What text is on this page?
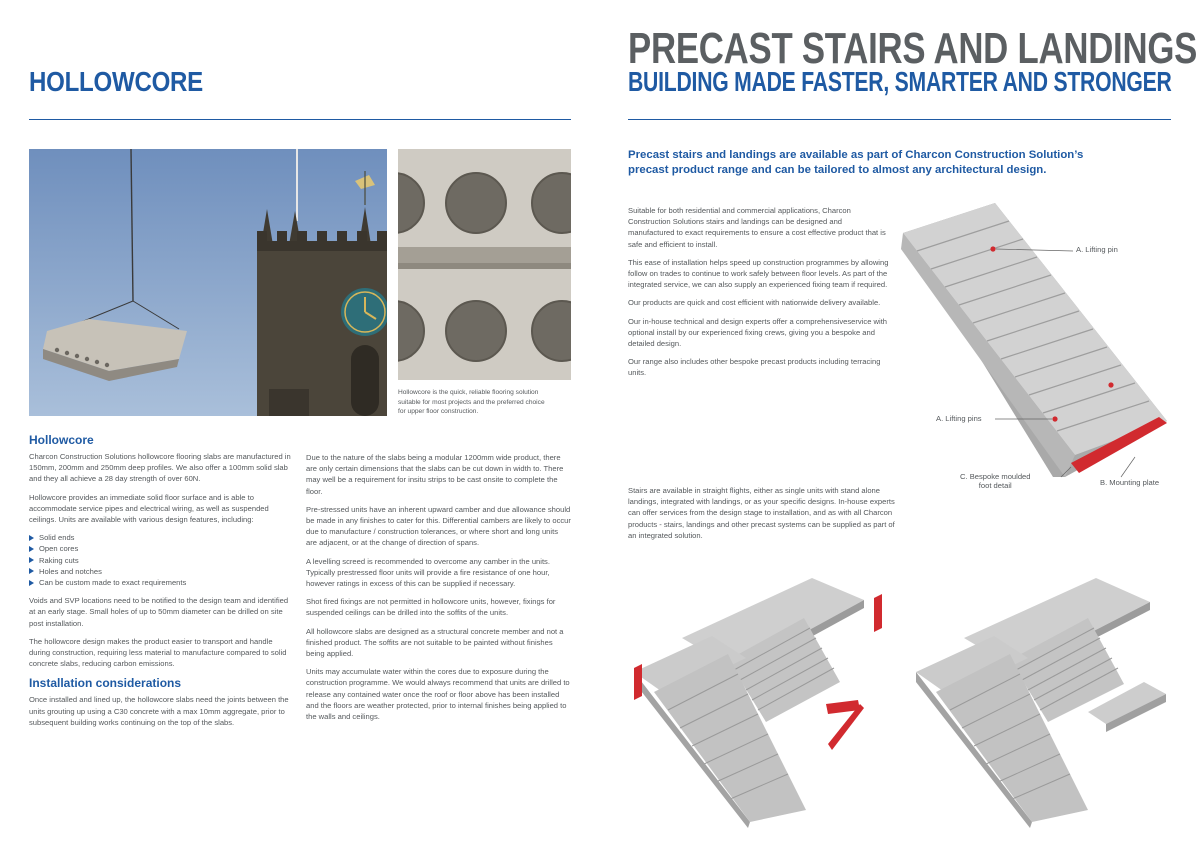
HOLLOWCORE
Hollowcore is the quick, reliable flooring solution
suitable for most projects and the preferred choice
for upper floor construction.
Hollowcore

Charcon Construction Solutions hollowcore flooring slabs are manufactured in 150mm, 200mm and 250mm deep profiles. We also offer a 100mm solid slab and they all achieve a 28 day strength of over 60N.

Hollowcore provides an immediate solid floor surface and is able to accommodate service pipes and electrical wiring, as well as suspended ceilings. Units are available with various design features, including:

Solid ends
Open cores
Raking cuts
Holes and notches
Can be custom made to exact requirements

Voids and SVP locations need to be notified to the design team and identified at an early stage. Small holes of up to 50mm diameter can be drilled on site post installation.

The hollowcore design makes the product easier to transport and handle during construction, requiring less material to manufacture compared to solid concrete slabs, reducing carbon emissions.

Installation considerations

Once installed and lined up, the hollowcore slabs need the joints between the units grouting up using a C30 concrete with a max 10mm aggregate, prior to subsequent building works continuing on the top of the slabs.

Due to the nature of the slabs being a modular 1200mm wide product, there are only certain dimensions that the slabs can be cut down in width to. There may well be a requirement for insitu strips to be cast onsite to complete the floor.

Pre-stressed units have an inherent upward camber and due allowance should be made in any finishes to cater for this. Differential cambers are likely to occur due to manufacture / construction tolerances, or where short and long units are adjacent, or at the change of direction of spans.

A levelling screed is recommended to overcome any camber in the units. Typically prestressed floor units will provide a fire resistance of one hour, however ratings in excess of this can be supplied if necessary.

Shot fired fixings are not permitted in hollowcore units, however, fixings for suspended ceilings can be drilled into the soffits of the units.

All hollowcore slabs are designed as a structural concrete member and not a finished product. The soffits are not suitable to be painted without finishes being applied.

Units may accumulate water within the cores due to exposure during the construction programme. We would always recommend that units are drilled to release any contained water once the roof or floor above has been installed and the floors are weather protected, prior to internal finishes being applied to the walls and ceilings.

PRECAST STAIRS AND LANDINGS
BUILDING MADE FASTER, SMARTER AND STRONGER
Precast stairs and landings are available as part of Charcon Construction Solution’s precast product range and can be tailored to almost any architectural design.

Suitable for both residential and commercial applications, Charcon Construction Solutions stairs and landings can be designed and manufactured to exact requirements to ensure a cost effective product that is safe and efficient to install.

This ease of installation helps speed up construction programmes by allowing follow on trades to continue to work safely between floor levels. As part of the integrated service, we can also supply an experienced fixing team if required.

Our products are quick and cost efficient with nationwide delivery available.

Our in-house technical and design experts offer a comprehensiveservice with optional install by our experienced fixing crews, giving you a bespoke and detailed design.

Our range also includes other bespoke precast products including terracing units.

Stairs are available in straight flights, either as single units with stand alone landings, integrated with landings, or as your specific designs. In-house experts can offer services from the design stage to installation, and as with all Charcon products - stairs, landings and other precast systems can be supplied as part of an integrated solution.

A. Lifting pin
A. Lifting pins
C. Bespoke moulded
foot detail	B. Mounting plate
